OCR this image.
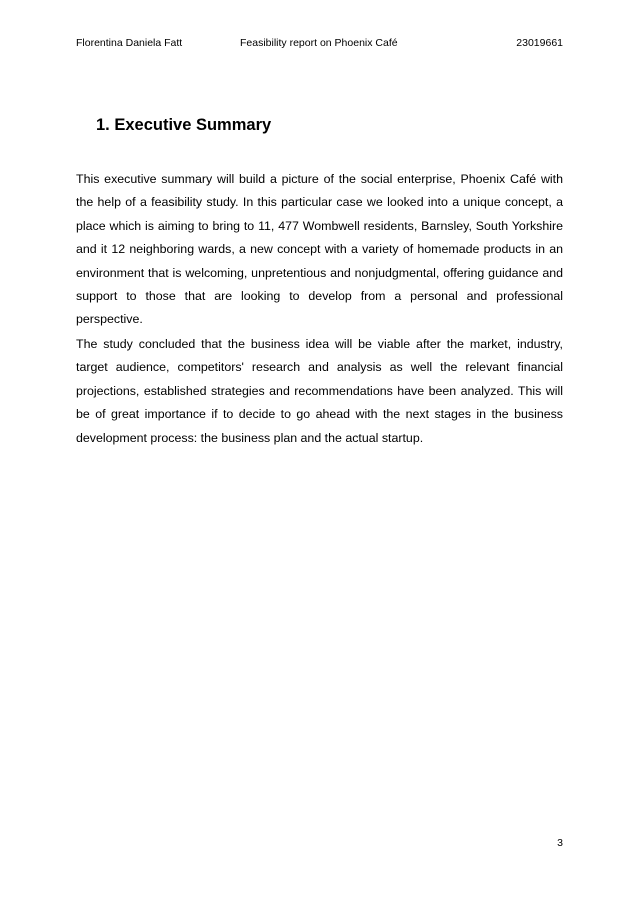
Florentina Daniela Fatt	Feasibility report on Phoenix Café	23019661
1. Executive Summary

This executive summary will build a picture of the social enterprise, Phoenix Café with the help of a feasibility study. In this particular case we looked into a unique concept, a place which is aiming to bring to 11, 477 Wombwell residents, Barnsley, South Yorkshire and it 12 neighboring wards, a new concept with a variety of homemade products in an environment that is welcoming, unpretentious and nonjudgmental, offering guidance and support to those that are looking to develop from a personal and professional perspective.

The study concluded that the business idea will be viable after the market, industry, target audience, competitors' research and analysis as well the relevant financial projections, established strategies and recommendations have been analyzed. This will be of great importance if to decide to go ahead with the next stages in the business development process: the business plan and the actual startup.

3
